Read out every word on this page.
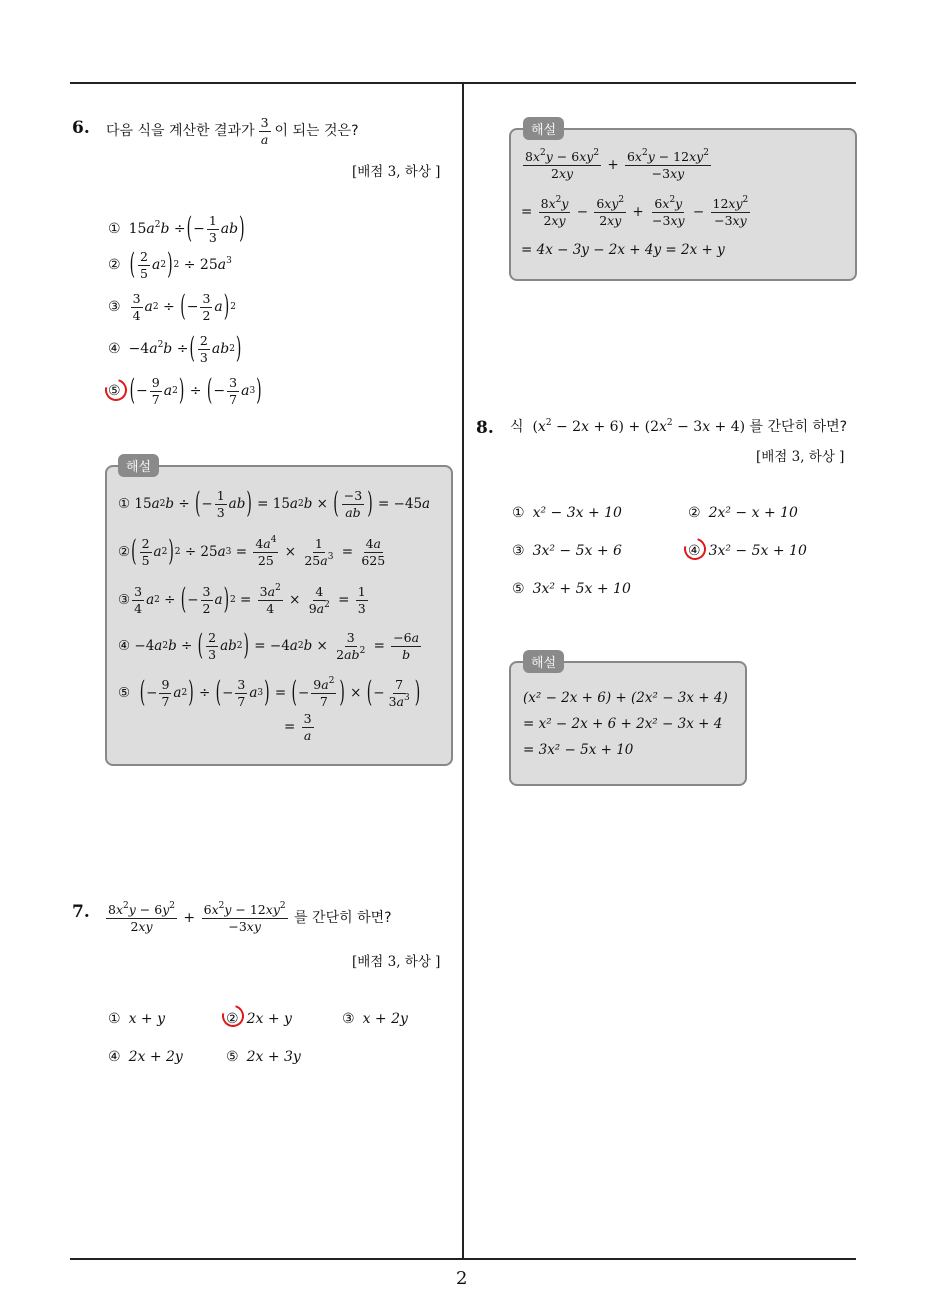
2
6. 다음 식을 계산한 결과가 $\frac{3}{a}$ 이 되는 것은?
[배점 3, 하상 ]
① $15a^2b$ ÷ ( − $\frac{1}{3}$ ab )
② ( $\frac{2}{5}$ a 2 ) $2 \div 25a^3$
③ $\frac{3}{4}$ a 2 ÷ ( − $\frac{3}{2}$ a ) 2
④ $-4a^2b$ ÷ ( $\frac{2}{3}$ ab 2 )
⑤ ( − $\frac{9}{7}$ a 2 ) ÷ ( − $\frac{3}{7}$ a 3 )
해설
① 15 a 2 b ÷ ( − $\frac{1}{3}$ ab ) = 15 a 2 b × ( $\frac{-3}{ab}$ ) = −45 a
② ( $\frac{2}{5}$ a 2 ) 2 ÷ 25 a $3 = \frac{4a^4}{25} \times \frac{1}{25a^3} = \frac{4a}{625}$
③ $\frac{3}{4}$ a 2 ÷ ( − $\frac{3}{2}$ a ) $2 = \frac{3a^2}{4} \times \frac{4}{9a^2} = \frac{1}{3}$
④ −4 a 2 b ÷ ( $\frac{2}{3}$ ab 2 ) = −4 a 2 $b \times \frac{3}{2ab^2} = \frac{-6a}{b}$
⑤ ( − $\frac{9}{7}$ a 2 ) ÷ ( − $\frac{3}{7}$ a 3 ) = ( − $\frac{9a^2}{7}$ ) × ( − $\frac{7}{3a^3}$ )
= $\frac{3}{a}$
7. $\frac{8x^2y - 6y^2}{2xy} + \frac{6x^2y - 12xy^2}{-3xy}$
를 간단히 하면?
[배점 3, 하상 ]
① x + y	② 2x + y	③ x + 2y
④ 2x + 2y	⑤ 2x + 3y
해설
$\frac{8x^2y - 6xy^2}{2xy} + \frac{6x^2y - 12xy^2}{-3xy}$
= $\frac{8x^2y}{2xy} - \frac{6xy^2}{2xy} + \frac{6x^2y}{-3xy} - \frac{12xy^2}{-3xy}$
= 4x − 3y − 2x + 4y = 2x + y
8. 식
$(x^2 - 2x + 6) + (2x^2 - 3x + 4)$
를 간단히 하면?
[배점 3, 하상 ]
① x² − 3x + 10	② 2x² − x + 10
③ 3x² − 5x + 6	④ 3x² − 5x + 10
⑤ 3x² + 5x + 10
해설
(x² − 2x + 6) + (2x² − 3x + 4)
= x² − 2x + 6 + 2x² − 3x + 4
= 3x² − 5x + 10
